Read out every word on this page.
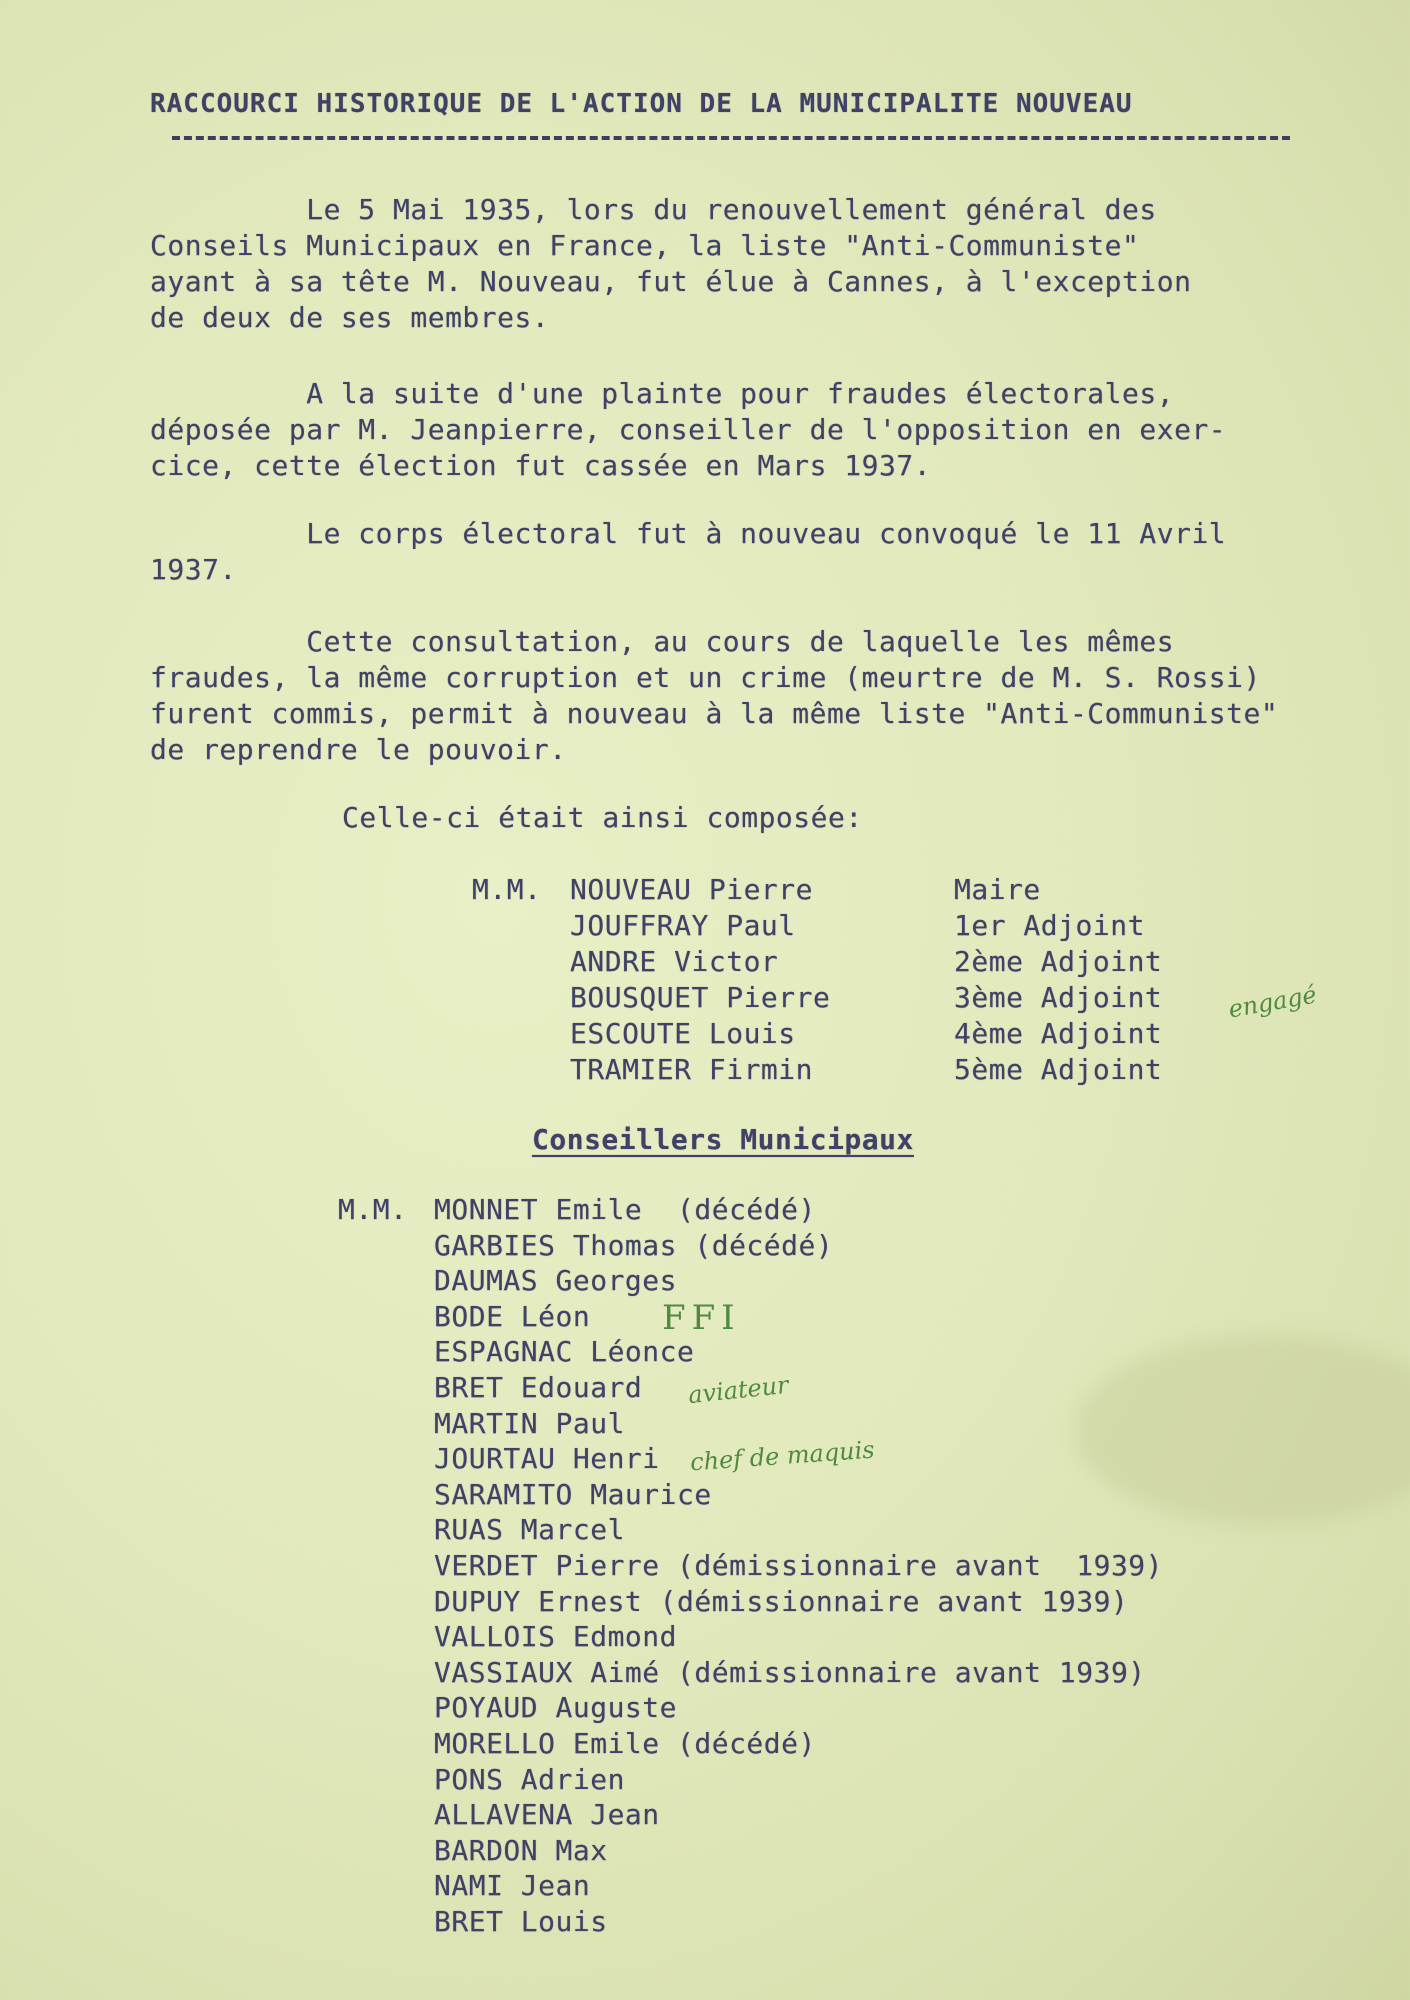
RACCOURCI HISTORIQUE DE L'ACTION DE LA MUNICIPALITE NOUVEAU
Le 5 Mai 1935, lors du renouvellement général des
Conseils Municipaux en France, la liste "Anti-Communiste"
ayant à sa tête M. Nouveau, fut élue à Cannes, à l'exception
de deux de ses membres.
A la suite d'une plainte pour fraudes électorales,
déposée par M. Jeanpierre, conseiller de l'opposition en exer-
cice, cette élection fut cassée en Mars 1937.
Le corps électoral fut à nouveau convoqué le 11 Avril
1937.
Cette consultation, au cours de laquelle les mêmes
fraudes, la même corruption et un crime (meurtre de M. S. Rossi)
furent commis, permit à nouveau à la même liste "Anti-Communiste"
de reprendre le pouvoir.
Celle-ci était ainsi composée:
M.M. NOUVEAU Pierre	Maire
JOUFFRAY Paul	1er Adjoint
ANDRE Victor	2ème Adjoint
BOUSQUET Pierre	3ème Adjoint
ESCOUTE Louis	4ème Adjoint
TRAMIER Firmin	5ème Adjoint
Conseillers Municipaux
M.M. MONNET Emile  (décédé)
GARBIES Thomas (décédé)
DAUMAS Georges
BODE Léon
ESPAGNAC Léonce
BRET Edouard
MARTIN Paul
JOURTAU Henri
SARAMITO Maurice
RUAS Marcel
VERDET Pierre (démissionnaire avant  1939)
DUPUY Ernest (démissionnaire avant 1939)
VALLOIS Edmond
VASSIAUX Aimé (démissionnaire avant 1939)
POYAUD Auguste
MORELLO Emile (décédé)
PONS Adrien
ALLAVENA Jean
BARDON Max
NAMI Jean
BRET Louis
engagé
FFI
aviateur
chef de maquis
